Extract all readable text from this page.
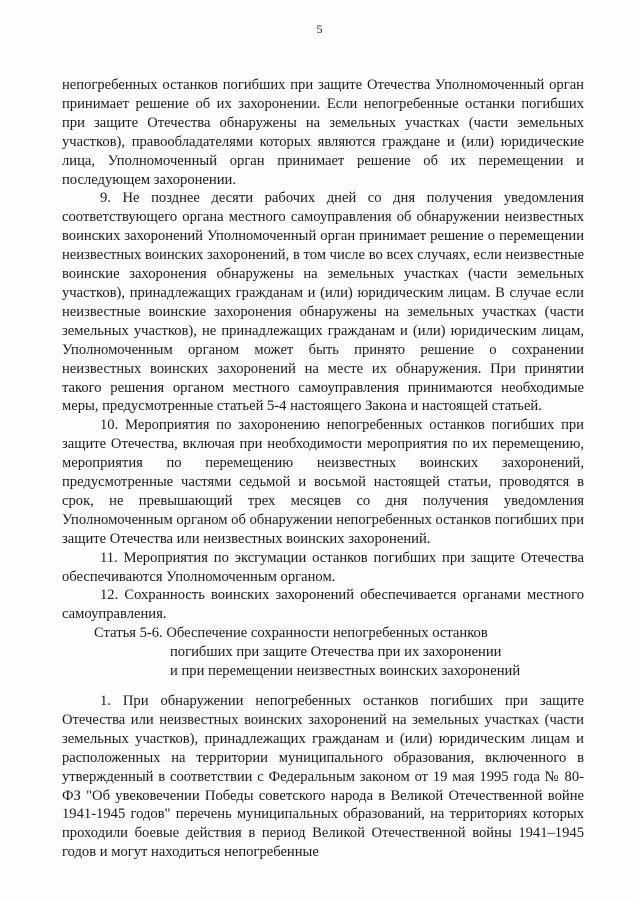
5

непогребенных останков погибших при защите Отечества Уполномоченный орган принимает решение об их захоронении. Если непогребенные останки погибших при защите Отечества обнаружены на земельных участках (части земельных участков), правообладателями которых являются граждане и (или) юридические лица, Уполномоченный орган принимает решение об их перемещении и последующем захоронении.

9. Не позднее десяти рабочих дней со дня получения уведомления соответствующего органа местного самоуправления об обнаружении неизвестных воинских захоронений Уполномоченный орган принимает решение о перемещении неизвестных воинских захоронений, в том числе во всех случаях, если неизвестные воинские захоронения обнаружены на земельных участках (части земельных участков), принадлежащих гражданам и (или) юридическим лицам. В случае если неизвестные воинские захоронения обнаружены на земельных участках (части земельных участков), не принадлежащих гражданам и (или) юридическим лицам, Уполномоченным органом может быть принято решение о сохранении неизвестных воинских захоронений на месте их обнаружения. При принятии такого решения органом местного самоуправления принимаются необходимые меры, предусмотренные статьей 5-4 настоящего Закона и настоящей статьей.

10. Мероприятия по захоронению непогребенных останков погибших при защите Отечества, включая при необходимости мероприятия по их перемещению, мероприятия по перемещению неизвестных воинских захоронений, предусмотренные частями седьмой и восьмой настоящей статьи, проводятся в срок, не превышающий трех месяцев со дня получения уведомления Уполномоченным органом об обнаружении непогребенных останков погибших при защите Отечества или неизвестных воинских захоронений.

11. Мероприятия по эксгумации останков погибших при защите Отечества обеспечиваются Уполномоченным органом.

12. Сохранность воинских захоронений обеспечивается органами местного самоуправления.

Статья 5-6. Обеспечение сохранности непогребенных останков
погибших при защите Отечества при их захоронении
и при перемещении неизвестных воинских захоронений

1. При обнаружении непогребенных останков погибших при защите Отечества или неизвестных воинских захоронений на земельных участках (части земельных участков), принадлежащих гражданам и (или) юридическим лицам и расположенных на территории муниципального образования, включенного в утвержденный в соответствии с Федеральным законом от 19 мая 1995 года № 80-ФЗ "Об увековечении Победы советского народа в Великой Отечественной войне 1941-1945 годов" перечень муниципальных образований, на территориях которых проходили боевые действия в период Великой Отечественной войны 1941–1945 годов и могут находиться непогребенные
